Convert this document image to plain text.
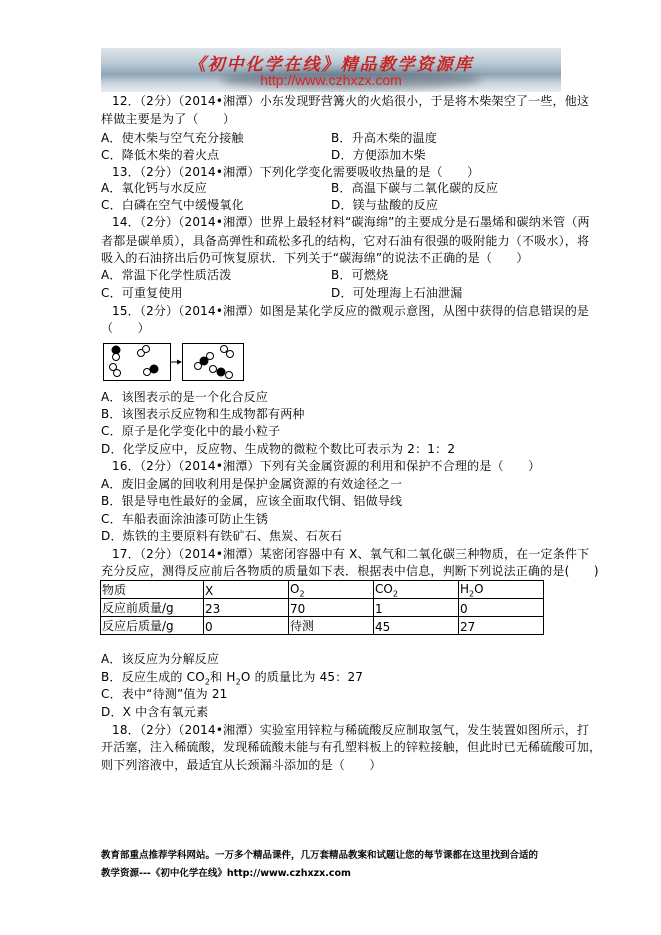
《初中化学在线》精品教学资源库
http://www.czhxzx.com
12．（2分）（2014•湘潭）小东发现野营篝火的火焰很小，于是将木柴架空了一些，他这
样做主要是为了（　　）
A．使木柴与空气充分接触	B．升高木柴的温度
C．降低木柴的着火点	D．方便添加木柴
13．（2分）（2014•湘潭）下列化学变化需要吸收热量的是（　　）
A．氧化钙与水反应	B．高温下碳与二氧化碳的反应
C．白磷在空气中缓慢氧化	D．镁与盐酸的反应
14．（2分）（2014•湘潭）世界上最轻材料“碳海绵”的主要成分是石墨烯和碳纳米管（两
者都是碳单质），具备高弹性和疏松多孔的结构，它对石油有很强的吸附能力（不吸水），将
吸入的石油挤出后仍可恢复原状．下列关于“碳海绵”的说法不正确的是（　　）
A．常温下化学性质活泼	B．可燃烧
C．可重复使用	D．可处理海上石油泄漏
15．（2分）（2014•湘潭）如图是某化学反应的微观示意图，从图中获得的信息错误的是
（　　）
A．该图表示的是一个化合反应
B．该图表示反应物和生成物都有两种
C．原子是化学变化中的最小粒子
D．化学反应中，反应物、生成物的微粒个数比可表示为 2：1：2
16．（2分）（2014•湘潭）下列有关金属资源的利用和保护不合理的是（　　）
A．废旧金属的回收利用是保护金属资源的有效途径之一
B．银是导电性最好的金属，应该全面取代铜、铝做导线
C．车船表面涂油漆可防止生锈
D．炼铁的主要原料有铁矿石、焦炭、石灰石
17．（2分）（2014•湘潭）某密闭容器中有 X、氧气和二氧化碳三种物质，在一定条件下
充分反应，测得反应前后各物质的质量如下表．根据表中信息，判断下列说法正确的是(　　)
物质	X	$O_2$	$CO_2$	$H_2O$
反应前质量/g	23	70	1	0
反应后质量/g	0	待测	45	27
A．该反应为分解反应
B．反应生成的 $CO_2$和 $H_2O$ 的质量比为 45：27
C．表中“待测”值为 21
D．X 中含有氧元素
18．（2分）（2014•湘潭）实验室用锌粒与稀硫酸反应制取氢气，发生装置如图所示，打
开活塞，注入稀硫酸，发现稀硫酸未能与有孔塑料板上的锌粒接触，但此时已无稀硫酸可加，
则下列溶液中，最适宜从长颈漏斗添加的是（　　）
教育部重点推荐学科网站。一万多个精品课件，几万套精品教案和试题让您的每节课都在这里找到合适的
教学资源---《初中化学在线》http://www.czhxzx.com
